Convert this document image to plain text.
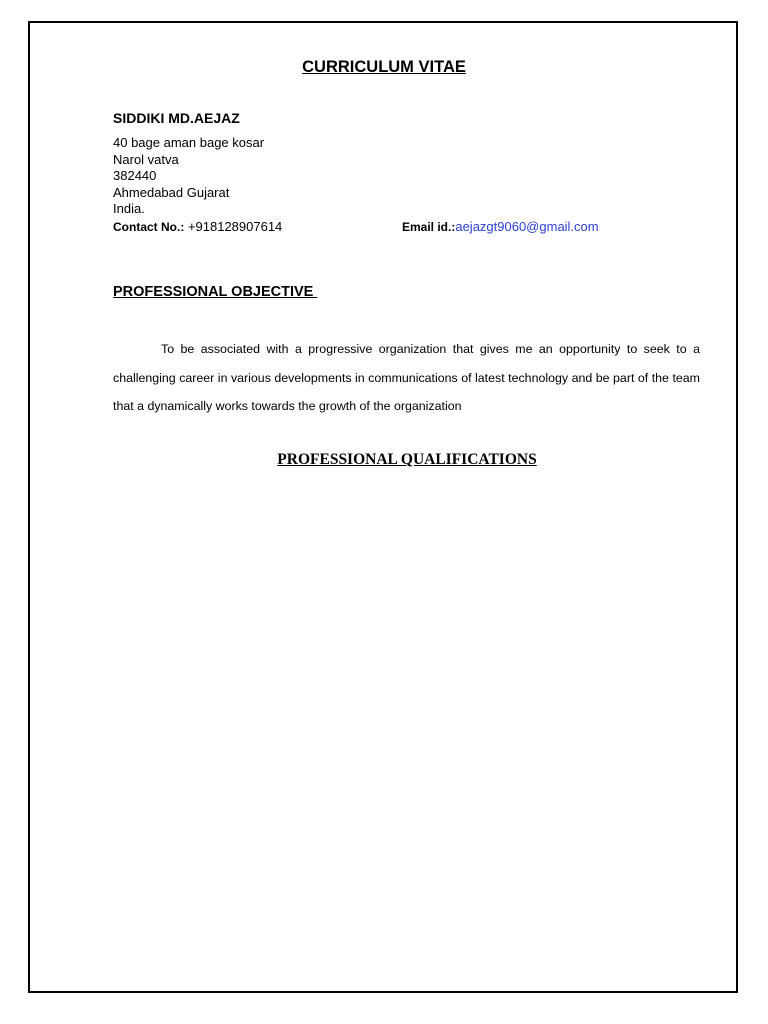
CURRICULUM VITAE
SIDDIKI MD.AEJAZ
40 bage aman bage kosar
Narol vatva
382440
Ahmedabad Gujarat
India.
Contact No.: +918128907614	Email id.:aejazgt9060@gmail.com
PROFESSIONAL OBJECTIVE
To be associated with a progressive organization that gives me an opportunity to seek to a challenging career in various developments in communications of latest technology and be part of the team that a dynamically works towards the growth of the organization
PROFESSIONAL QUALIFICATIONS
